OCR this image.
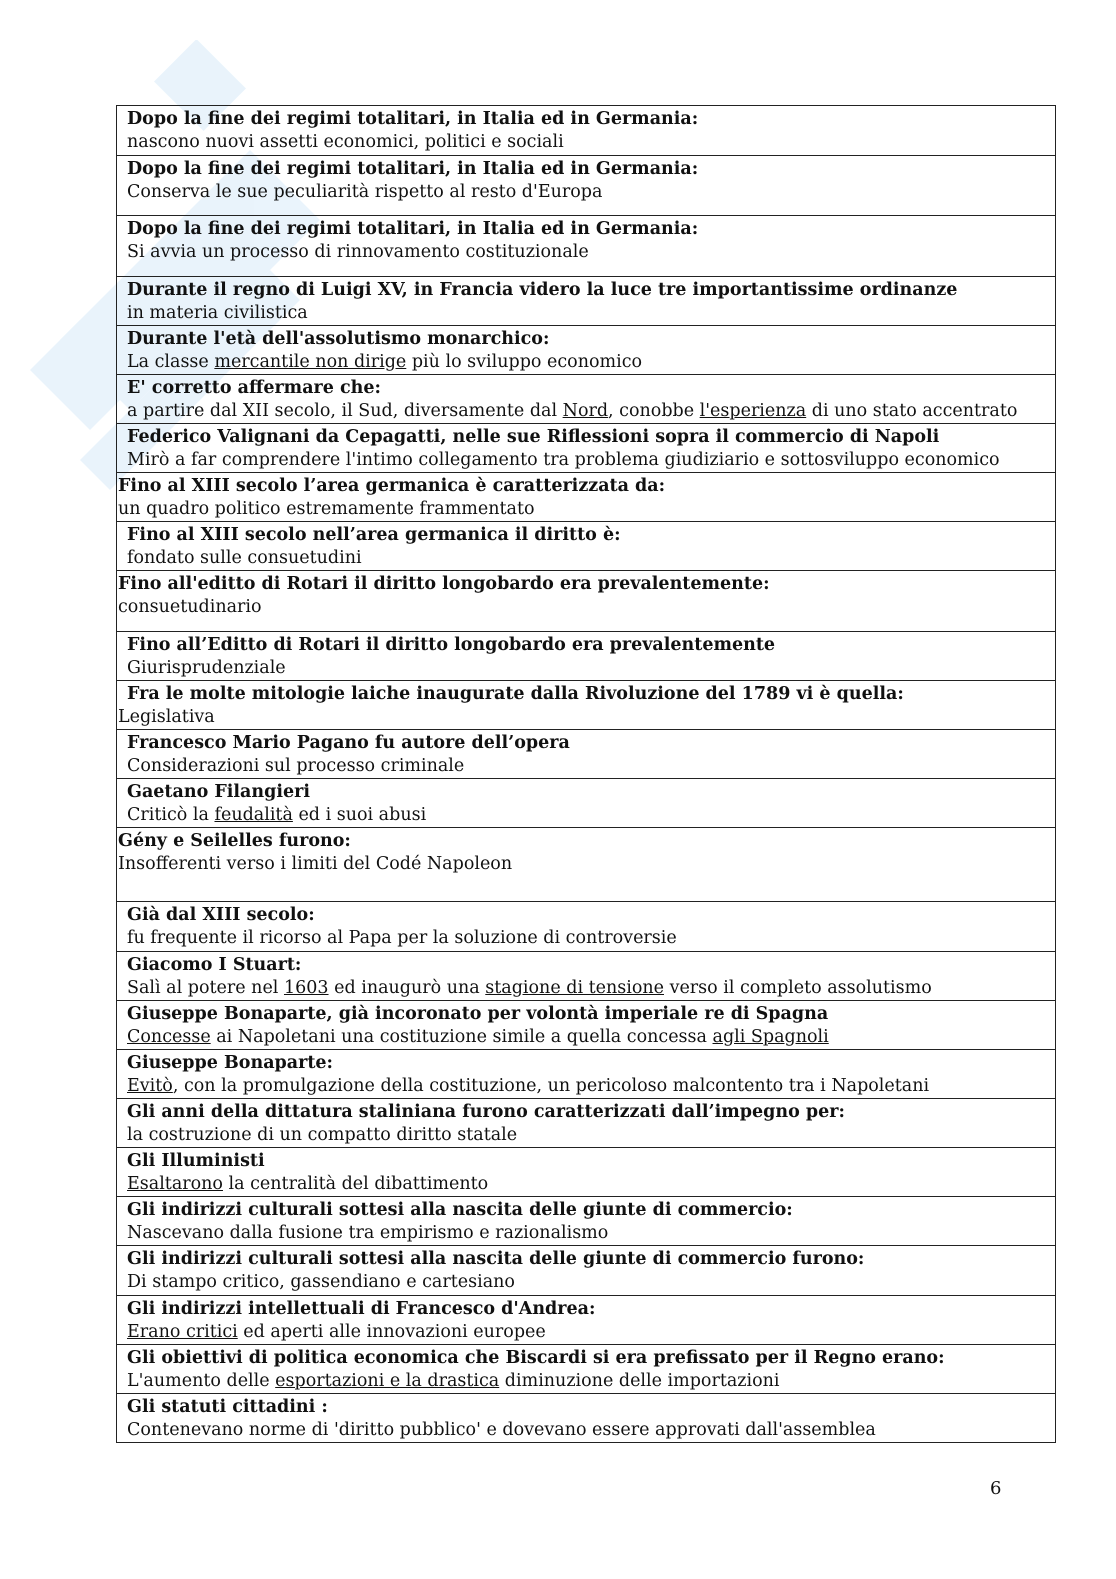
Dopo la fine dei regimi totalitari, in Italia ed in Germania:
nascono nuovi assetti economici, politici e sociali
Dopo la fine dei regimi totalitari, in Italia ed in Germania:
Conserva le sue peculiarità rispetto al resto d'Europa
Dopo la fine dei regimi totalitari, in Italia ed in Germania:
Si avvia un processo di rinnovamento costituzionale
Durante il regno di Luigi XV, in Francia videro la luce tre importantissime ordinanze
in materia civilistica
Durante l'età dell'assolutismo monarchico:
La classe mercantile non dirige più lo sviluppo economico
E' corretto affermare che:
a partire dal XII secolo, il Sud, diversamente dal Nord, conobbe l'esperienza di uno stato accentrato
Federico Valignani da Cepagatti, nelle sue Riflessioni sopra il commercio di Napoli
Mirò a far comprendere l'intimo collegamento tra problema giudiziario e sottosviluppo economico
Fino al XIII secolo l’area germanica è caratterizzata da:
un quadro politico estremamente frammentato
Fino al XIII secolo nell’area germanica il diritto è:
fondato sulle consuetudini
Fino all'editto di Rotari il diritto longobardo era prevalentemente:
consuetudinario
Fino all’Editto di Rotari il diritto longobardo era prevalentemente
Giurisprudenziale
Fra le molte mitologie laiche inaugurate dalla Rivoluzione del 1789 vi è quella:
Legislativa
Francesco Mario Pagano fu autore dell’opera
Considerazioni sul processo criminale
Gaetano Filangieri
Criticò la feudalità ed i suoi abusi
Gény e Seilelles furono:
Insofferenti verso i limiti del Codé Napoleon
Già dal XIII secolo:
fu frequente il ricorso al Papa per la soluzione di controversie
Giacomo I Stuart:
Salì al potere nel 1603 ed inaugurò una stagione di tensione verso il completo assolutismo
Giuseppe Bonaparte, già incoronato per volontà imperiale re di Spagna
Concesse ai Napoletani una costituzione simile a quella concessa agli Spagnoli
Giuseppe Bonaparte:
Evitò, con la promulgazione della costituzione, un pericoloso malcontento tra i Napoletani
Gli anni della dittatura staliniana furono caratterizzati dall’impegno per:
la costruzione di un compatto diritto statale
Gli Illuministi
Esaltarono la centralità del dibattimento
Gli indirizzi culturali sottesi alla nascita delle giunte di commercio:
Nascevano dalla fusione tra empirismo e razionalismo
Gli indirizzi culturali sottesi alla nascita delle giunte di commercio furono:
Di stampo critico, gassendiano e cartesiano
Gli indirizzi intellettuali di Francesco d'Andrea:
Erano critici ed aperti alle innovazioni europee
Gli obiettivi di politica economica che Biscardi si era prefissato per il Regno erano:
L'aumento delle esportazioni e la drastica diminuzione delle importazioni
Gli statuti cittadini :
Contenevano norme di 'diritto pubblico' e dovevano essere approvati dall'assemblea
6
